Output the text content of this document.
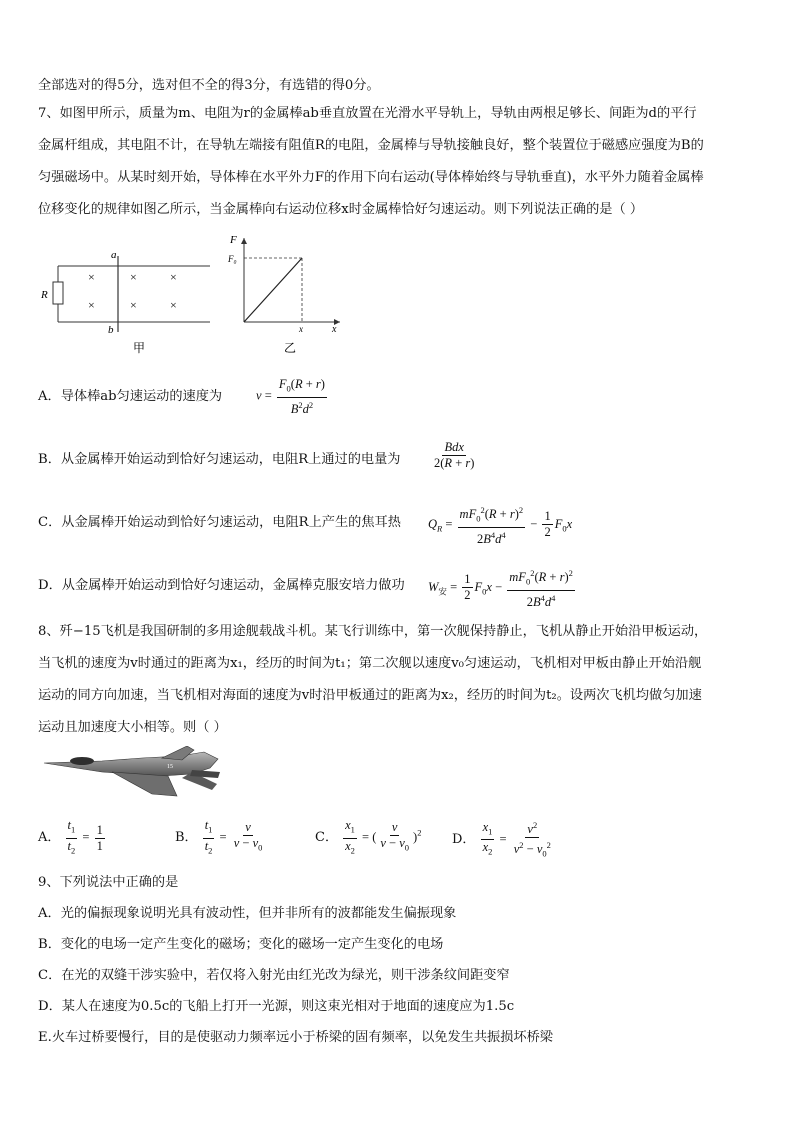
全部选对的得5分，选对但不全的得3分，有选错的得0分。
7、如图甲所示，质量为m、电阻为r的金属棒ab垂直放置在光滑水平导轨上，导轨由两根足够长、间距为d的平行
金属杆组成，其电阻不计，在导轨左端接有阻值R的电阻，金属棒与导轨接触良好，整个装置位于磁感应强度为B的
匀强磁场中。从某时刻开始，导体棒在水平外力F的作用下向右运动(导体棒始终与导轨垂直)，水平外力随着金属棒
位移变化的规律如图乙所示，当金属棒向右运动位移x时金属棒恰好匀速运动。则下列说法正确的是（ ）
a
b
R
×	×	×
×	×	×
甲
F
F₀
x	x
乙
A．导体棒ab匀速运动的速度为	$v = \frac{F_0(R + r)}{B^2d^2}$
B．从金属棒开始运动到恰好匀速运动，电阻R上通过的电量为	$\frac{\text{Bdx}}{2(R + r)}$
C．从金属棒开始运动到恰好匀速运动，电阻R上产生的焦耳热 $Q_R = \frac{mF_0^2(R + r)^2}{2B^4d^4} - \frac{1}{2} F_0x$
D．从金属棒开始运动到恰好匀速运动，金属棒克服安培力做功 $W_安 = \frac{1}{2} F_0x - \frac{mF_0^2(R + r)^2}{2B^4d^4}$
8、歼−15飞机是我国研制的多用途舰载战斗机。某飞行训练中，第一次舰保持静止，飞机从静止开始沿甲板运动，
当飞机的速度为v时通过的距离为x₁，经历的时间为t₁；第二次舰以速度v₀匀速运动，飞机相对甲板由静止开始沿舰
运动的同方向加速，当飞机相对海面的速度为v时沿甲板通过的距离为x₂，经历的时间为t₂。设两次飞机均做匀加速
运动且加速度大小相等。则（ ）
15
A． $\frac{t_1}{t_2} = \frac{1}{1}$	B． $\frac{t_1}{t_2} = \frac{v}{v - v_0}$	C． $\frac{x_1}{x_2}$ = ( $\frac{v}{v - v_0} )^2$ D． $\frac{x_1}{x_2} = \frac{v^2}{v^2 - v_0^2}$
9、下列说法中正确的是
A．光的偏振现象说明光具有波动性，但并非所有的波都能发生偏振现象
B．变化的电场一定产生变化的磁场；变化的磁场一定产生变化的电场
C．在光的双缝干涉实验中，若仅将入射光由红光改为绿光，则干涉条纹间距变窄
D．某人在速度为0.5c的飞船上打开一光源，则这束光相对于地面的速度应为1.5c
E.火车过桥要慢行，目的是使驱动力频率远小于桥梁的固有频率，以免发生共振损坏桥梁
